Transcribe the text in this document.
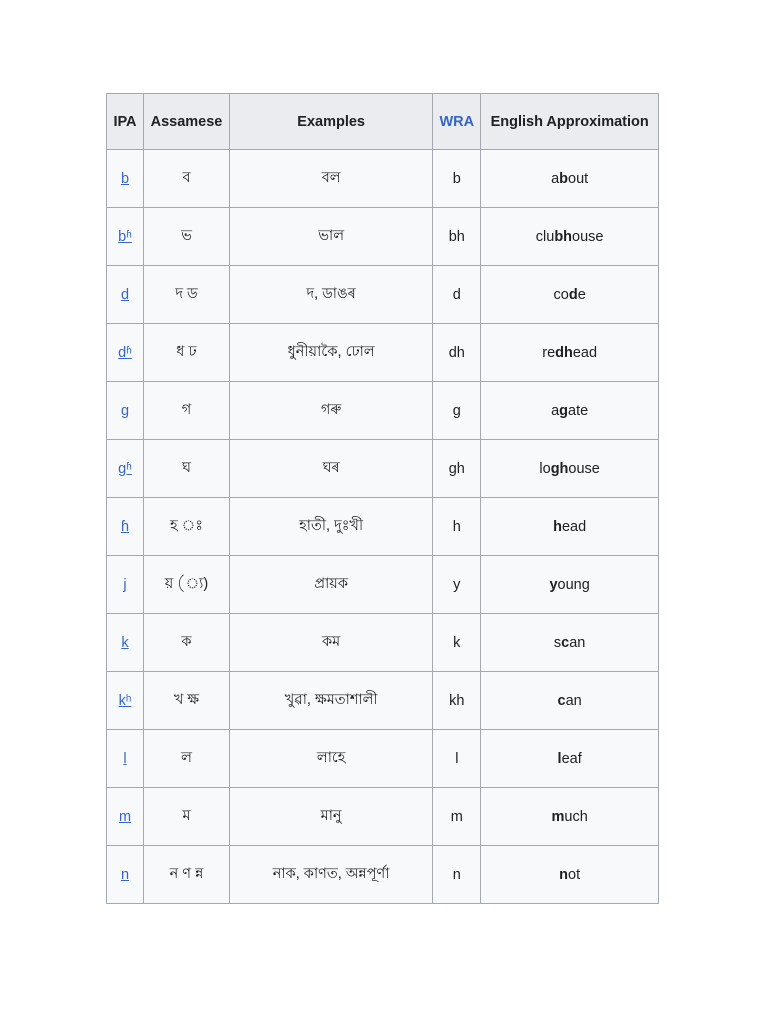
IPA	Assamese	Examples	WRA	English Approximation
b	ব	বল	b	about
bʱ	ভ	ভাল	bh	clubhouse
d	দ ড	দ, ডাঙৰ	d	code
dʱ	ধ ঢ	ধুনীয়াকৈ, ঢোল	dh	redhead
ɡ	গ	গৰু	g	agate
ɡʱ	ঘ	ঘৰ	gh	loghouse
ɦ	হ ঃ	হাতী, দুঃখী	h	head
j	য় (্য)	প্ৰায়ক	y	young
k	ক	কম	k	scan
kʰ	খ ক্ষ	খুৱা, ক্ষমতাশালী	kh	can
l	ল	লাহে	l	leaf
m	ম	মানু	m	much
n	ন ণ ন্ন	নাক, কাণত, অন্নপূৰ্ণা	n	not
